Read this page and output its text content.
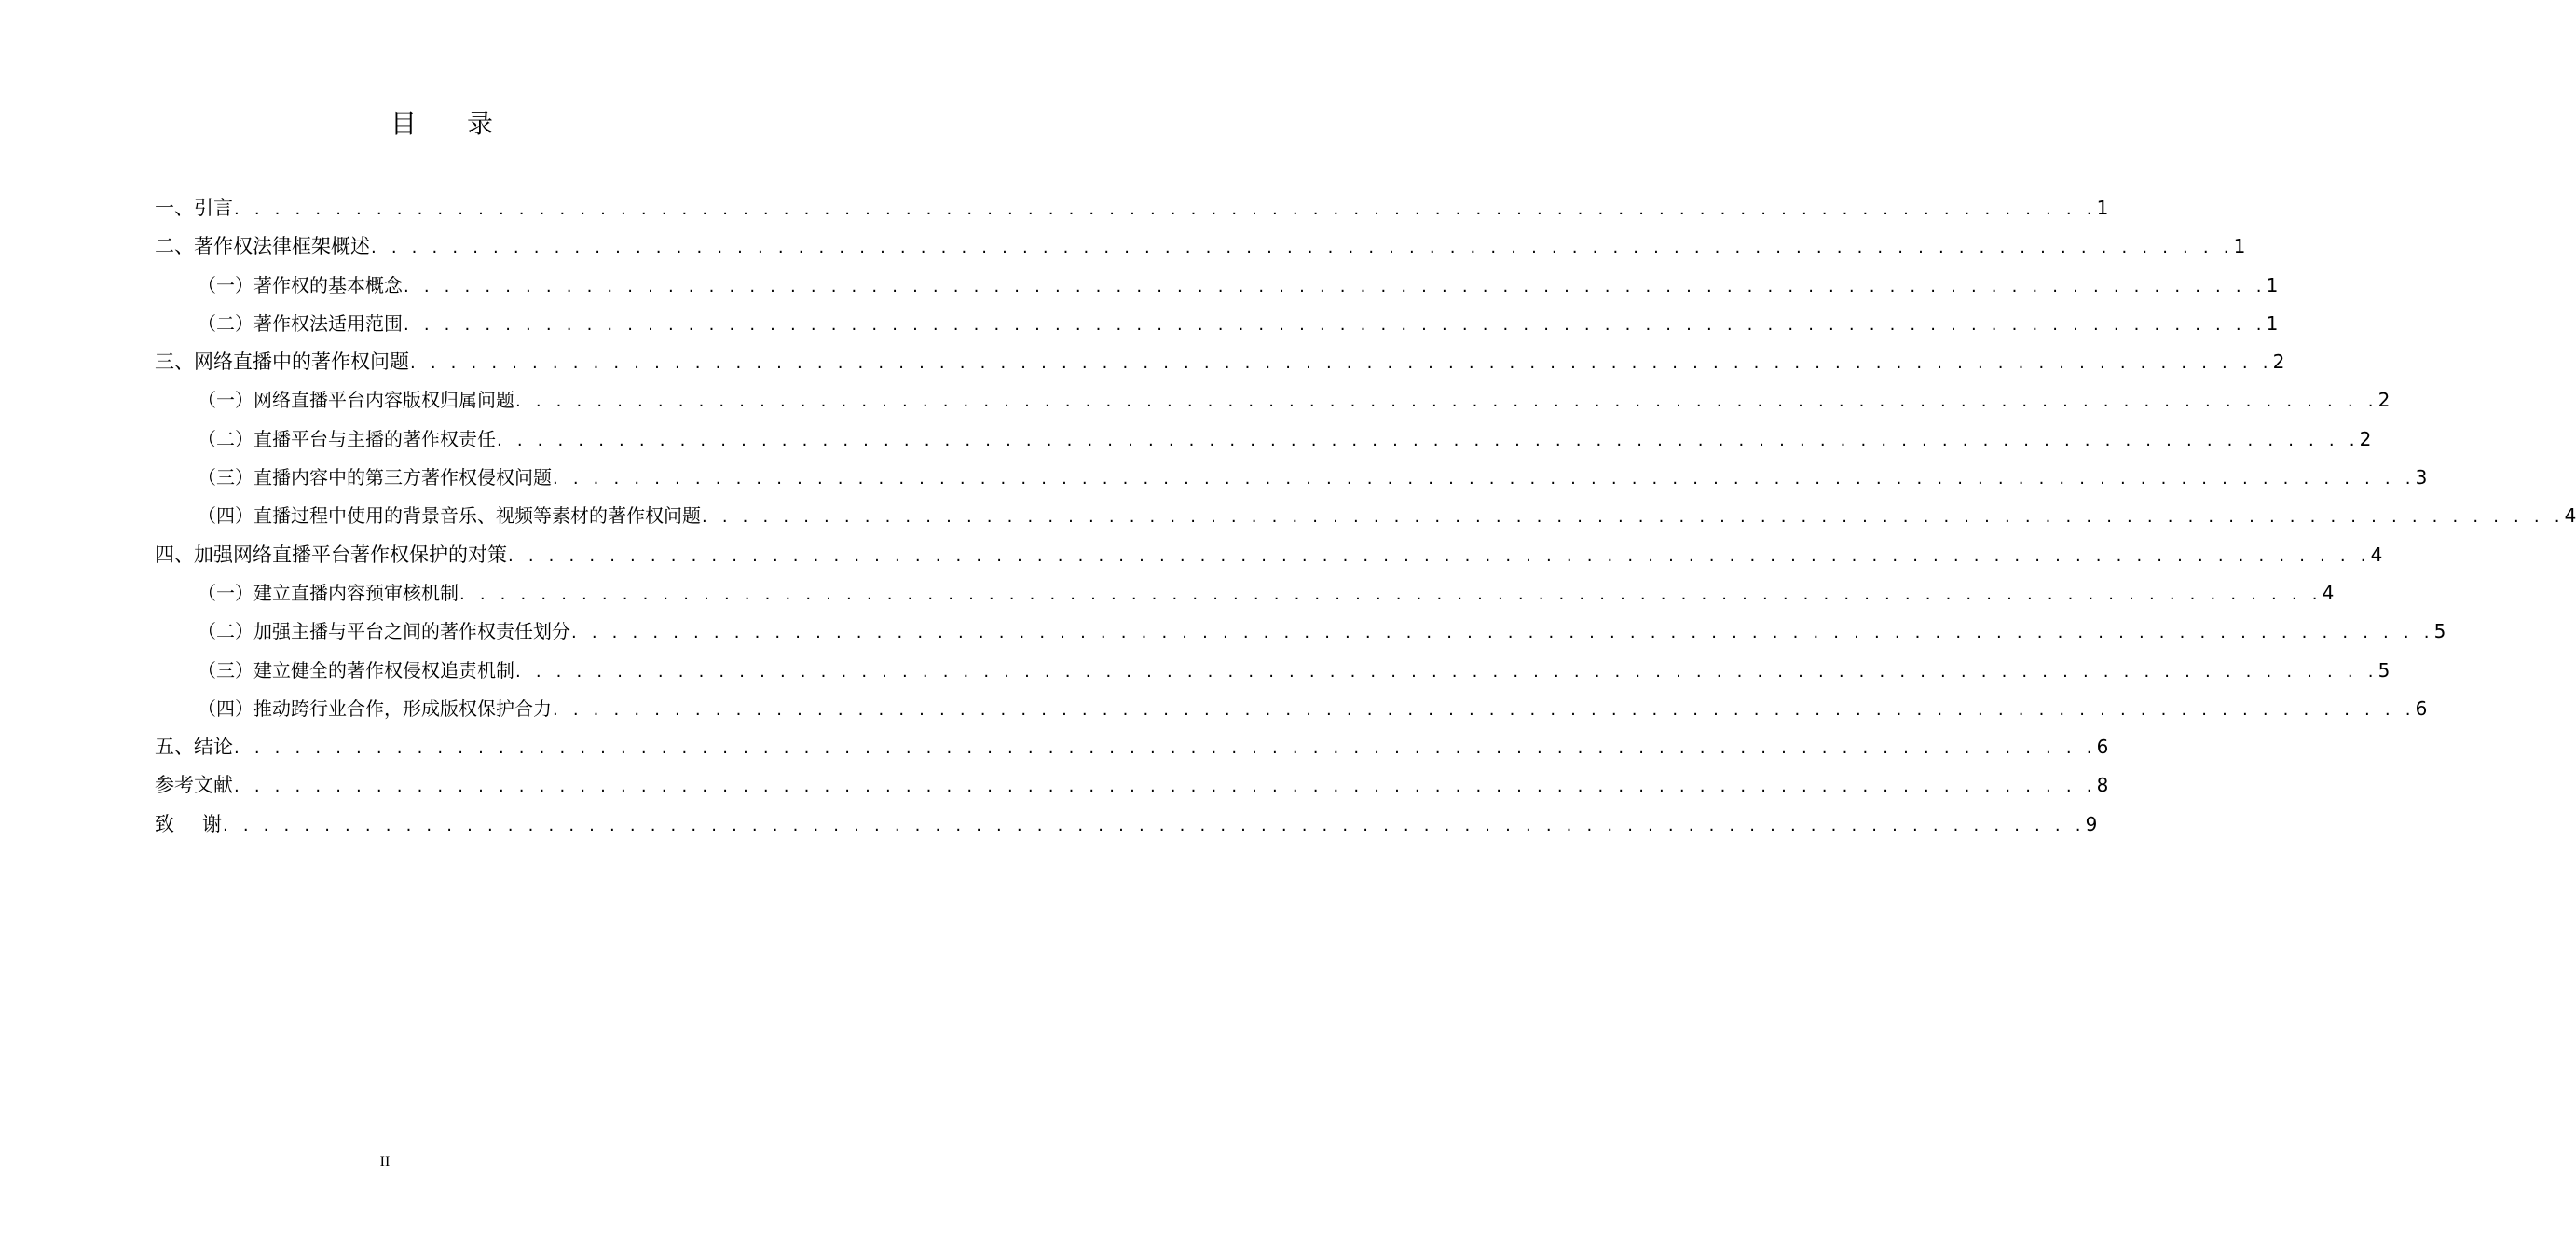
目 录
一、引言 . . . . . . . . . . . . . . . . . . . . . . . . . . . . . . . . . . . . . . . . . . . . . . . . . . . . . . . . . . . . . . . . . . . . . . . . . . . . . . . . . . . . . . . . . . . . 1
二、著作权法律框架概述 . . . . . . . . . . . . . . . . . . . . . . . . . . . . . . . . . . . . . . . . . . . . . . . . . . . . . . . . . . . . . . . . . . . . . . . . . . . . . . . . . . . . . . . . . . . . 1
（一）著作权的基本概念 . . . . . . . . . . . . . . . . . . . . . . . . . . . . . . . . . . . . . . . . . . . . . . . . . . . . . . . . . . . . . . . . . . . . . . . . . . . . . . . . . . . . . . . . . . . . 1
（二）著作权法适用范围 . . . . . . . . . . . . . . . . . . . . . . . . . . . . . . . . . . . . . . . . . . . . . . . . . . . . . . . . . . . . . . . . . . . . . . . . . . . . . . . . . . . . . . . . . . . . 1
三、网络直播中的著作权问题 . . . . . . . . . . . . . . . . . . . . . . . . . . . . . . . . . . . . . . . . . . . . . . . . . . . . . . . . . . . . . . . . . . . . . . . . . . . . . . . . . . . . . . . . . . . . 2
（一）网络直播平台内容版权归属问题 . . . . . . . . . . . . . . . . . . . . . . . . . . . . . . . . . . . . . . . . . . . . . . . . . . . . . . . . . . . . . . . . . . . . . . . . . . . . . . . . . . . . . . . . . . . . 2
（二）直播平台与主播的著作权责任 . . . . . . . . . . . . . . . . . . . . . . . . . . . . . . . . . . . . . . . . . . . . . . . . . . . . . . . . . . . . . . . . . . . . . . . . . . . . . . . . . . . . . . . . . . . . 2
（三）直播内容中的第三方著作权侵权问题 . . . . . . . . . . . . . . . . . . . . . . . . . . . . . . . . . . . . . . . . . . . . . . . . . . . . . . . . . . . . . . . . . . . . . . . . . . . . . . . . . . . . . . . . . . . . 3
（四）直播过程中使用的背景音乐、视频等素材的著作权问题 . . . . . . . . . . . . . . . . . . . . . . . . . . . . . . . . . . . . . . . . . . . . . . . . . . . . . . . . . . . . . . . . . . . . . . . . . . . . . . . . . . . . . . . . . . . . 4
四、加强网络直播平台著作权保护的对策 . . . . . . . . . . . . . . . . . . . . . . . . . . . . . . . . . . . . . . . . . . . . . . . . . . . . . . . . . . . . . . . . . . . . . . . . . . . . . . . . . . . . . . . . . . . . 4
（一）建立直播内容预审核机制 . . . . . . . . . . . . . . . . . . . . . . . . . . . . . . . . . . . . . . . . . . . . . . . . . . . . . . . . . . . . . . . . . . . . . . . . . . . . . . . . . . . . . . . . . . . . 4
（二）加强主播与平台之间的著作权责任划分 . . . . . . . . . . . . . . . . . . . . . . . . . . . . . . . . . . . . . . . . . . . . . . . . . . . . . . . . . . . . . . . . . . . . . . . . . . . . . . . . . . . . . . . . . . . . 5
（三）建立健全的著作权侵权追责机制 . . . . . . . . . . . . . . . . . . . . . . . . . . . . . . . . . . . . . . . . . . . . . . . . . . . . . . . . . . . . . . . . . . . . . . . . . . . . . . . . . . . . . . . . . . . . 5
（四）推动跨行业合作，形成版权保护合力 . . . . . . . . . . . . . . . . . . . . . . . . . . . . . . . . . . . . . . . . . . . . . . . . . . . . . . . . . . . . . . . . . . . . . . . . . . . . . . . . . . . . . . . . . . . . 6
五、结论 . . . . . . . . . . . . . . . . . . . . . . . . . . . . . . . . . . . . . . . . . . . . . . . . . . . . . . . . . . . . . . . . . . . . . . . . . . . . . . . . . . . . . . . . . . . . 6
参考文献 . . . . . . . . . . . . . . . . . . . . . . . . . . . . . . . . . . . . . . . . . . . . . . . . . . . . . . . . . . . . . . . . . . . . . . . . . . . . . . . . . . . . . . . . . . . . 8
致 谢 . . . . . . . . . . . . . . . . . . . . . . . . . . . . . . . . . . . . . . . . . . . . . . . . . . . . . . . . . . . . . . . . . . . . . . . . . . . . . . . . . . . . . . . . . . . . 9
II
